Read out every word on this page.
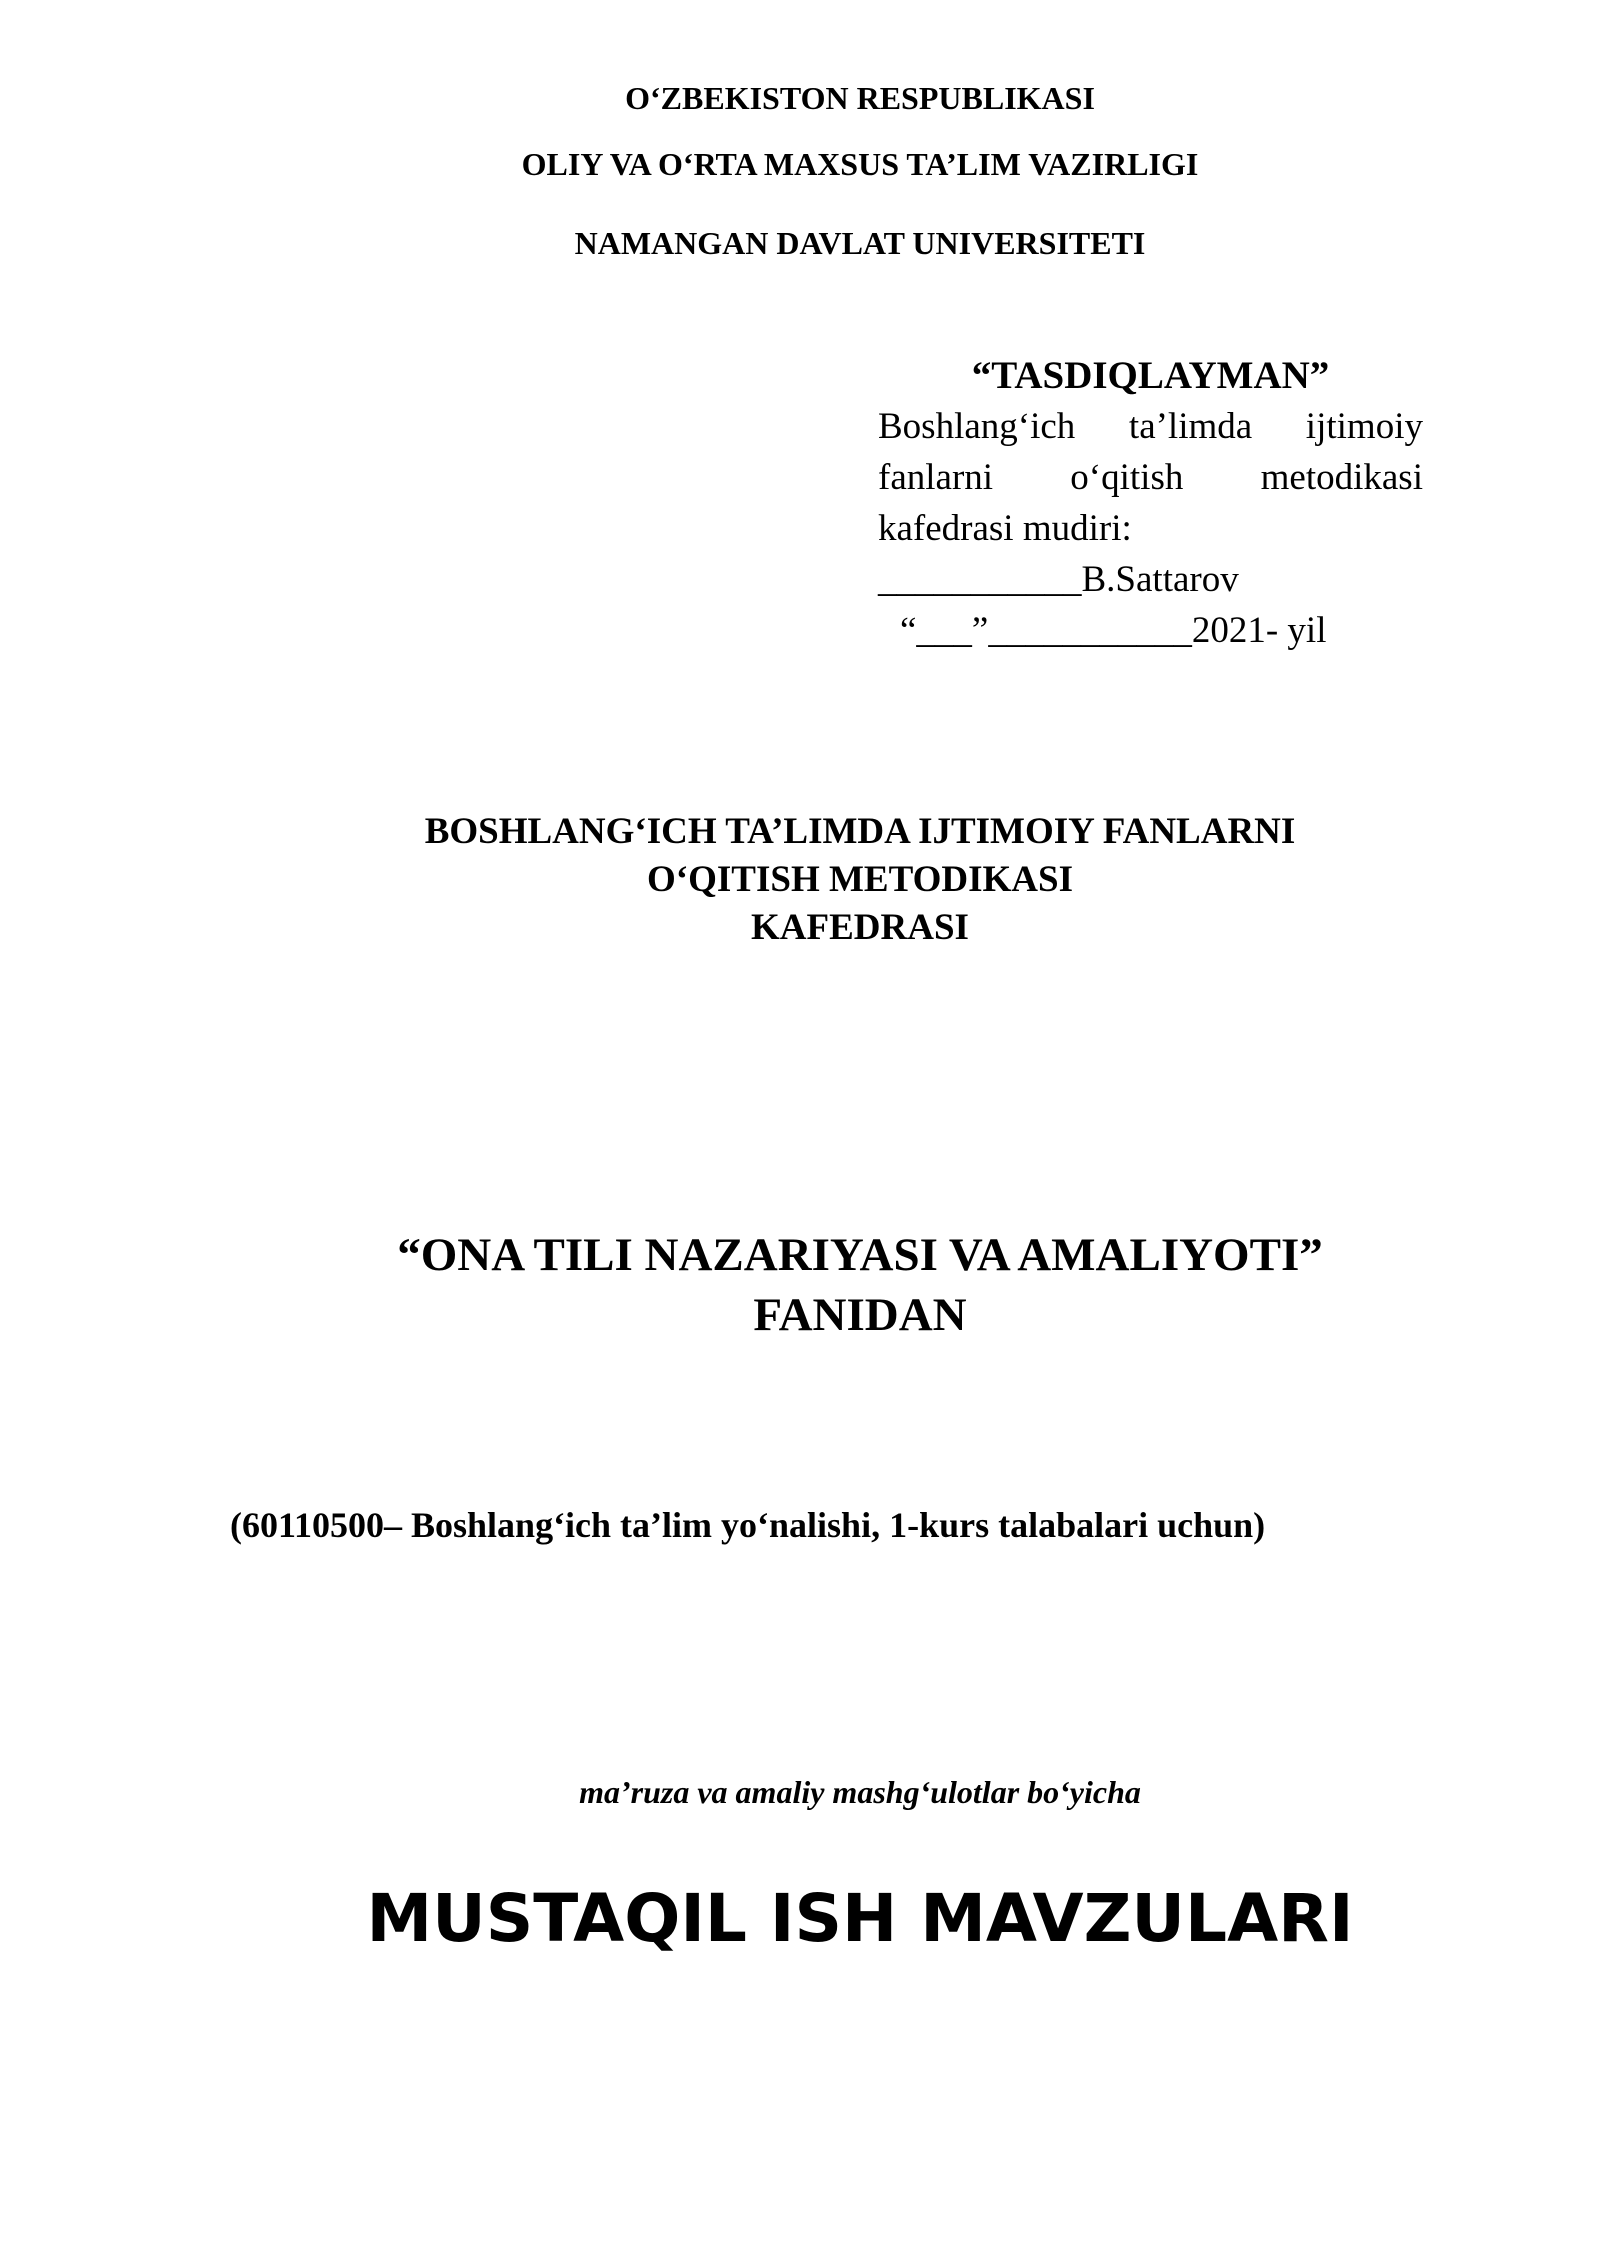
O‘ZBEKISTON RESPUBLIKASI
OLIY VA O‘RTA MAXSUS TA’LIM VAZIRLIGI
NAMANGAN DAVLAT UNIVERSITETI
“TASDIQLAYMAN”
Boshlang‘ich ta’limda ijtimoiy
fanlarni o‘qitish metodikasi
kafedrasi mudiri:
___________B.Sattarov
“___”___________2021- yil
BOSHLANG‘ICH TA’LIMDA IJTIMOIY FANLARNI
O‘QITISH METODIKASI
KAFEDRASI
“ONA TILI NAZARIYASI VA AMALIYOTI”
FANIDAN
(60110500– Boshlang‘ich ta’lim yo‘nalishi, 1-kurs talabalari uchun)
ma’ruza va amaliy mashg‘ulotlar bo‘yicha
MUSTAQIL ISH MAVZULARI
